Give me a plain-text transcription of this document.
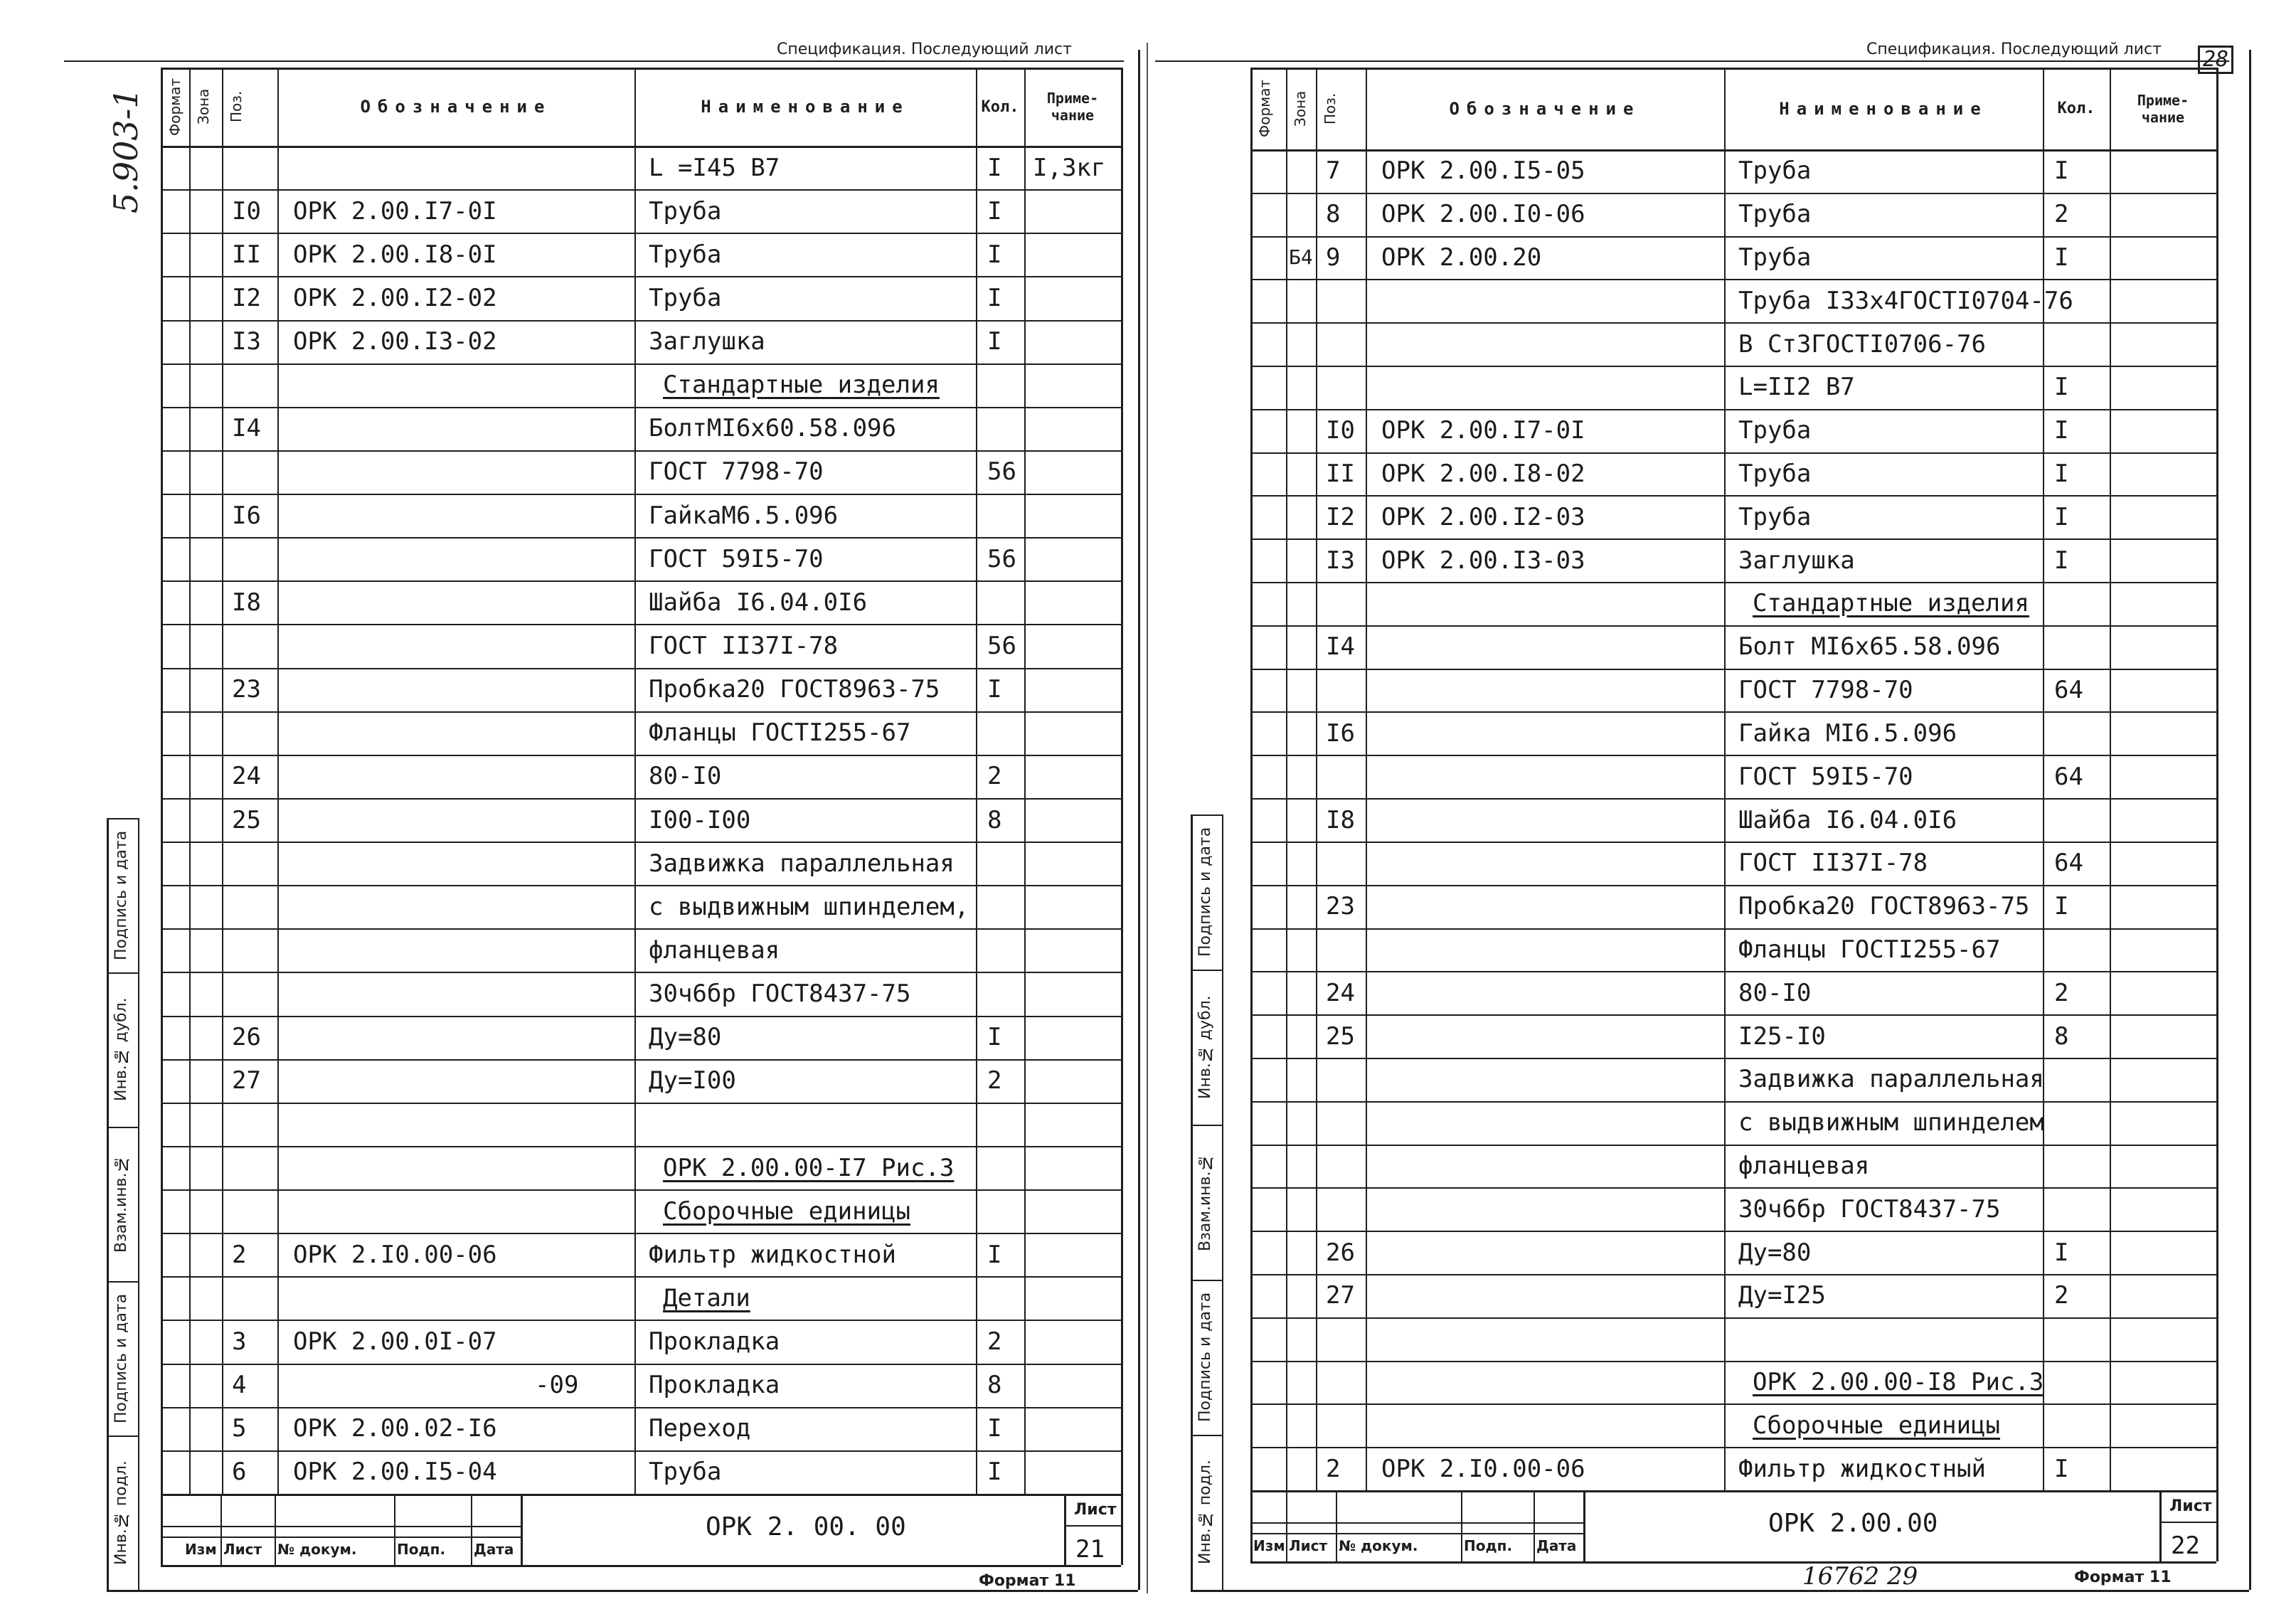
Спецификация. Последующий лист
Подпись и дата
Инв.№ дубл.
Взам.инв.№
Подпись и дата
Инв.№ подл.
Формат Зона Поз.	Обозначение	Наименование	Кол.	Приме-чание
L =I45 B7	I I,3кг
I0 ОРК 2.00.I7-0I	Труба	I
II ОРК 2.00.I8-0I	Труба	I
I2 ОРК 2.00.I2-02	Труба	I
I3 ОРК 2.00.I3-02	Заглушка	I
Стандартные изделия
I4	БолтМI6х60.58.096
ГОСТ 7798-70	56
I6	ГайкаМ6.5.096
ГОСТ 59I5-70	56
I8	Шайба I6.04.0I6
ГОСТ II37I-78	56
23	Пробка20 ГОСТ8963-75 I
Фланцы ГОСТI255-67
24	80-I0	2
25	I00-I00	8
Задвижка параллельная
с выдвижным шпинделем,
фланцевая
30ч6бр ГОСТ8437-75
26	Ду=80	I
27	Ду=I00	2
ОРК 2.00.00-I7 Рис.3
Сборочные единицы
2 ОРК 2.I0.00-06	Фильтр жидкостной	I
Детали
3 ОРК 2.00.0I-07	Прокладка	2
4	-09	Прокладка	8
5 ОРК 2.00.02-I6	Переход	I
6 ОРК 2.00.I5-04	Труба	I
Изм Лист № докум.	Подп. Дата
ОРК 2. 00. 00
Лист
21
Формат 11
Спецификация. Последующий лист
Подпись и дата
Инв.№ дубл.
Взам.инв.№
Подпись и дата
Инв.№ подл.
Формат Зона Поз.	Обозначение	Наименование	Кол.	Приме-чание
7 ОРК 2.00.I5-05	Труба	I
8 ОРК 2.00.I0-06	Труба	2
Б4 9 ОРК 2.00.20	Труба	I
Труба I33х4ГОСТI0704-76
В Ст3ГОСТI0706-76
L=II2 B7	I
I0 ОРК 2.00.I7-0I	Труба	I
II ОРК 2.00.I8-02	Труба	I
I2 ОРК 2.00.I2-03	Труба	I
I3 ОРК 2.00.I3-03	Заглушка	I
Стандартные изделия
I4	Болт МI6х65.58.096
ГОСТ 7798-70	64
I6	Гайка МI6.5.096
ГОСТ 59I5-70	64
I8	Шайба I6.04.0I6
ГОСТ II37I-78	64
23	Пробка20 ГОСТ8963-75 I
Фланцы ГОСТI255-67
24	80-I0	2
25	I25-I0	8
Задвижка параллельная
с выдвижным шпинделем
фланцевая
30ч6бр ГОСТ8437-75
26	Ду=80	I
27	Ду=I25	2
ОРК 2.00.00-I8 Рис.3
Сборочные единицы
2 ОРК 2.I0.00-06	Фильтр жидкостный	I
Изм Лист № докум.	Подп. Дата
ОРК 2.00.00
Лист
22
Формат 11
28
16762 29
5.903-1
